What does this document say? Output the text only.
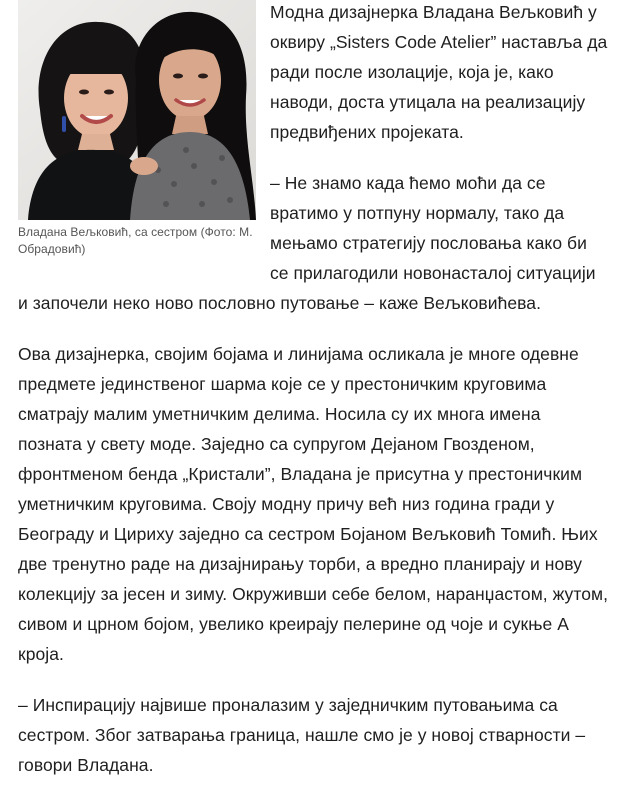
Владана Вељковић, са сестром (Фото: М. Обрадовић)

Модна дизајнерка Владана Вељковић у оквиру „Sisters Code Atelier” наставља да ради после изолације, која је, како наводи, доста утицала на реализацију предвиђених пројеката.

– Не знамо када ћемо моћи да се вратимо у потпуну нормалу, тако да мењамо стратегију пословања како би се прилагодили новонасталој ситуацији и започели неко ново пословно путовање – каже Вељковићева.

Ова дизајнерка, својим бојама и линијама осликала је многе одевне предмете јединственог шарма које се у престоничким круговима сматрају малим уметничким делима. Носила су их многа имена позната у свету моде. Заједно са супругом Дејаном Гвозденом, фронтменом бенда „Кристали”, Владана је присутна у престоничким уметничким круговима. Своју модну причу већ низ година гради у Београду и Цириху заједно са сестром Бојаном Вељковић Томић. Њих две тренутно раде на дизајнирању торби, а вредно планирају и нову колекцију за јесен и зиму. Окруживши себе белом, наранџастом, жутом, сивом и црном бојом, увелико креирају пелерине од чоје и сукње А кроја.

– Инспирацију највише проналазим у заједничким путовањима са сестром. Због затварања граница, нашле смо је у новој стварности – говори Владана.
